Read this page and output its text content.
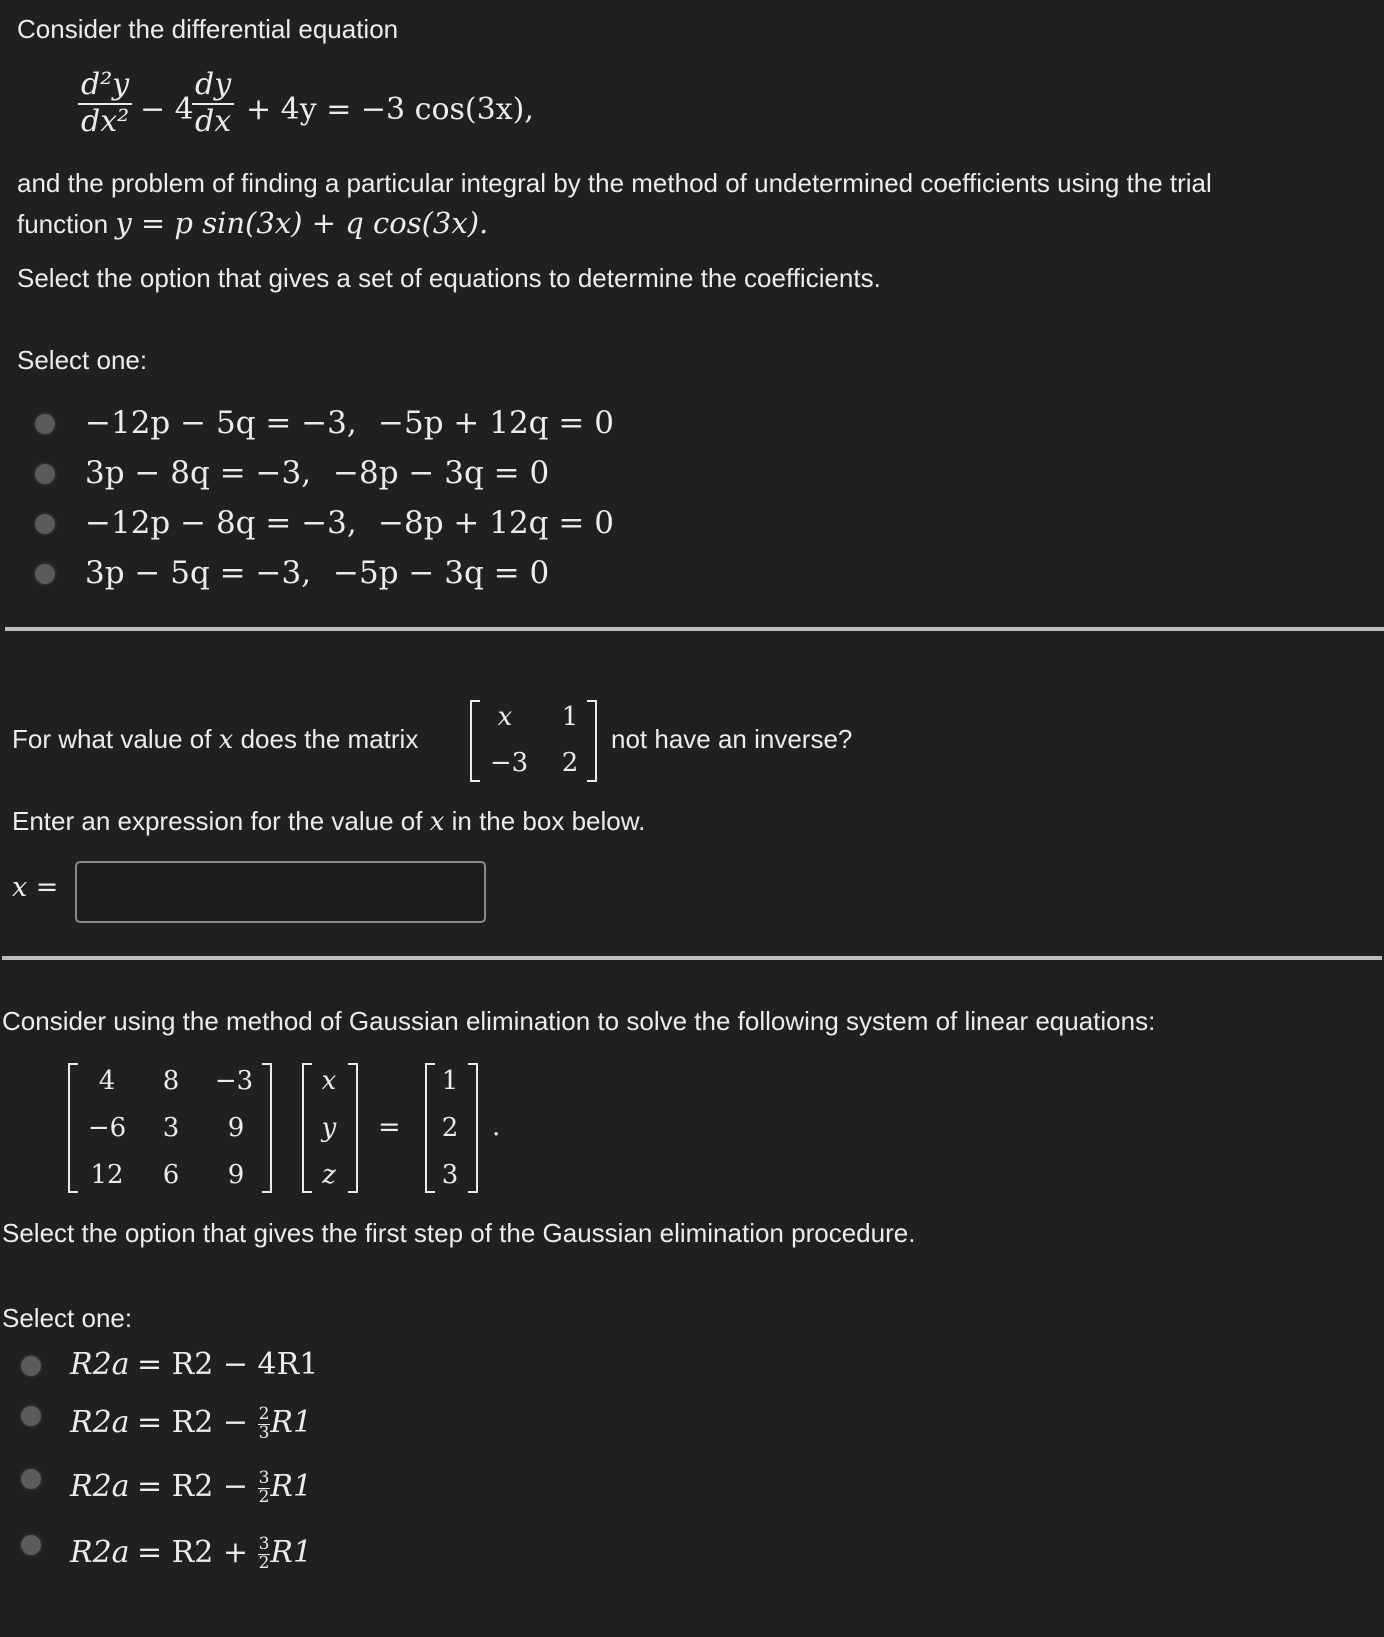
Consider the differential equation
$\frac{\text{d²y}}{\text{dx²}} - 4$
$\frac{dy}{dx} + 4y = -3$ cos(3x),
and the problem of finding a particular integral by the method of undetermined coefficients using the trial
function y = p sin(3x) + q cos(3x).
Select the option that gives a set of equations to determine the coefficients.
Select one:
−12p − 5q = −3, −5p + 12q = 0
3p − 8q = −3, −8p − 3q = 0
−12p − 8q = −3, −8p + 12q = 0
3p − 5q = −3, −5p − 3q = 0
For what value of x does the matrix
x	1
−3	2
not have an inverse?
Enter an expression for the value of x in the box below.
x =
Consider using the method of Gaussian elimination to solve the following system of linear equations:
4	8	−3
−6	3	9
12	6	9
x
y
z
=
1
2
3
.
Select the option that gives the first step of the Gaussian elimination procedure.
Select one:
R2a = R2 − 4R1
$R2a = R2 - \frac{2}{3} R1$
$R2a = R2 - \frac{3}{2} R1$
$R2a = R2 + \frac{3}{2} R1$
